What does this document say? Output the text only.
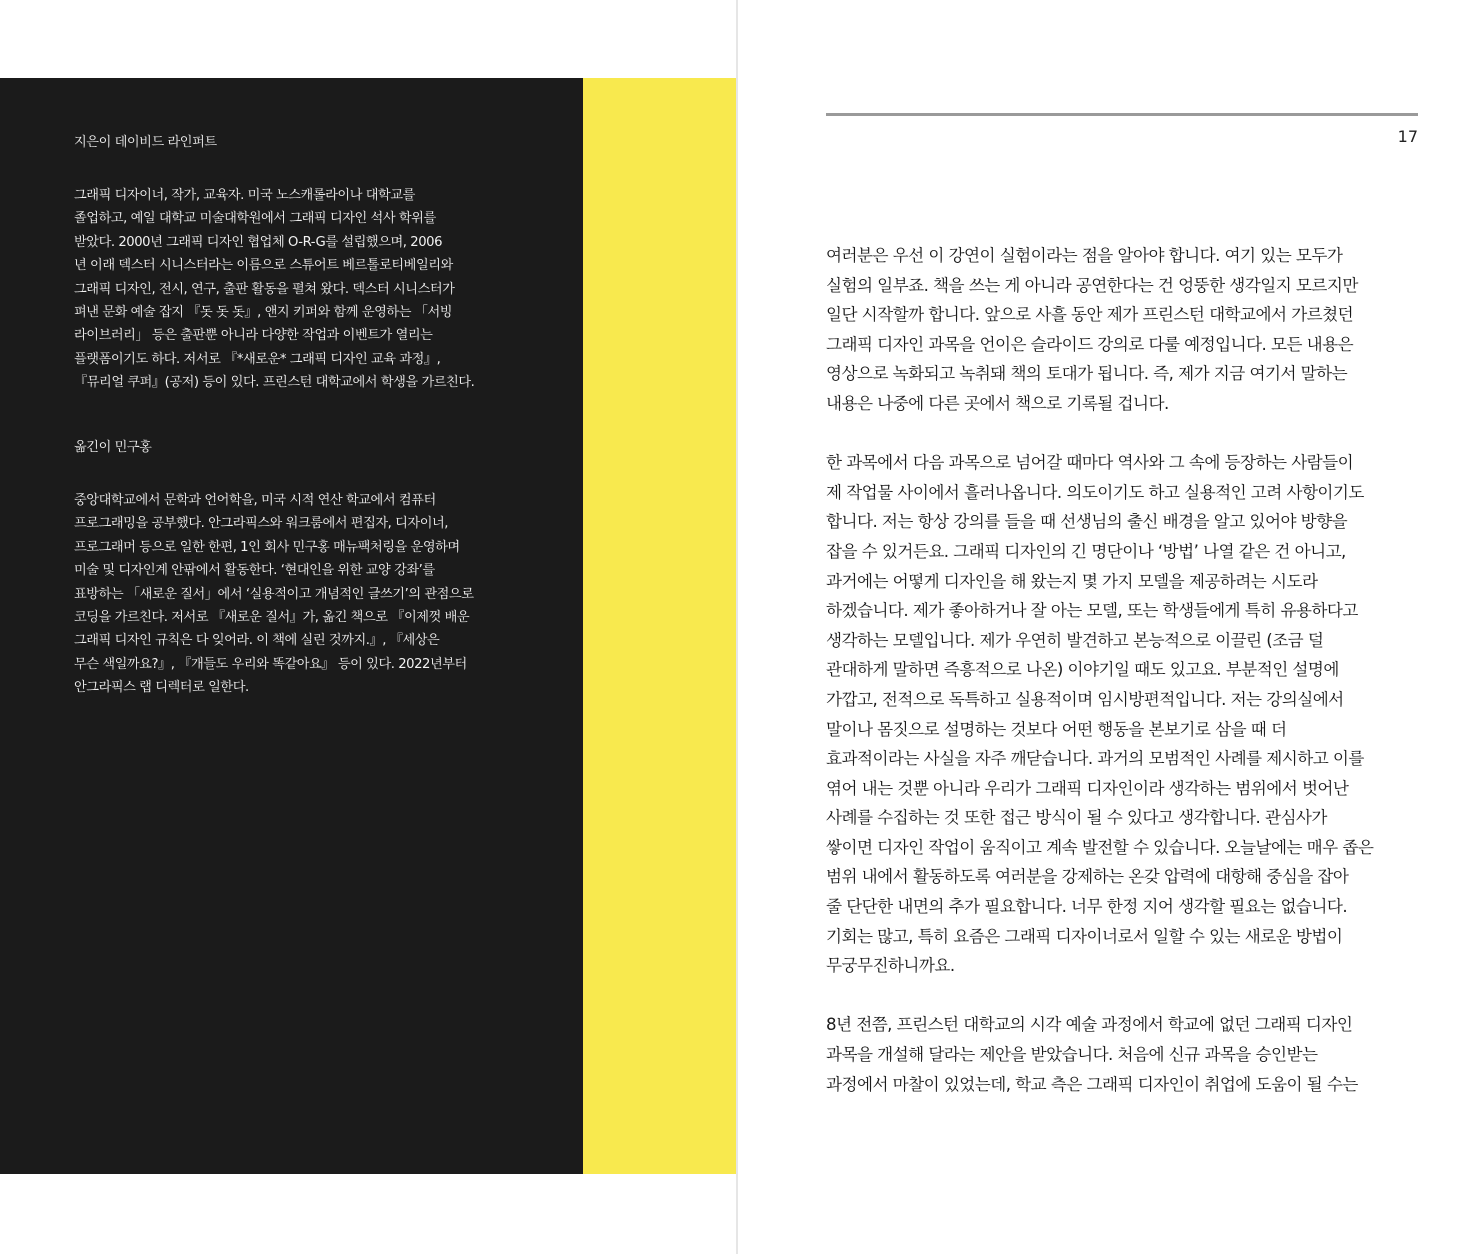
지은이 데이비드 라인퍼트

그래픽 디자이너, 작가, 교육자. 미국 노스캐롤라이나 대학교를
졸업하고, 예일 대학교 미술대학원에서 그래픽 디자인 석사 학위를
받았다. 2000년 그래픽 디자인 협업체 O-R-G를 설립했으며, 2006
년 이래 덱스터 시니스터라는 이름으로 스튜어트 베르톨로티베일리와
그래픽 디자인, 전시, 연구, 출판 활동을 펼쳐 왔다. 덱스터 시니스터가
펴낸 문화 예술 잡지 『돗 돗 돗』, 앤지 키퍼와 함께 운영하는 「서빙
라이브러리」 등은 출판뿐 아니라 다양한 작업과 이벤트가 열리는
플랫폼이기도 하다. 저서로 『*새로운* 그래픽 디자인 교육 과정』,
『뮤리얼 쿠퍼』(공저) 등이 있다. 프린스턴 대학교에서 학생을 가르친다.

옮긴이 민구홍

중앙대학교에서 문학과 언어학을, 미국 시적 연산 학교에서 컴퓨터
프로그래밍을 공부했다. 안그라픽스와 워크룸에서 편집자, 디자이너,
프로그래머 등으로 일한 한편, 1인 회사 민구홍 매뉴팩처링을 운영하며
미술 및 디자인계 안팎에서 활동한다. ‘현대인을 위한 교양 강좌’를
표방하는 「새로운 질서」에서 ‘실용적이고 개념적인 글쓰기’의 관점으로
코딩을 가르친다. 저서로 『새로운 질서』가, 옮긴 책으로 『이제껏 배운
그래픽 디자인 규칙은 다 잊어라. 이 책에 실린 것까지.』, 『세상은
무슨 색일까요?』, 『개들도 우리와 똑같아요』 등이 있다. 2022년부터
안그라픽스 랩 디렉터로 일한다.

17

여러분은 우선 이 강연이 실험이라는 점을 알아야 합니다. 여기 있는 모두가
실험의 일부죠. 책을 쓰는 게 아니라 공연한다는 건 엉뚱한 생각일지 모르지만
일단 시작할까 합니다. 앞으로 사흘 동안 제가 프린스턴 대학교에서 가르쳤던
그래픽 디자인 과목을 언이은 슬라이드 강의로 다룰 예정입니다. 모든 내용은
영상으로 녹화되고 녹취돼 책의 토대가 됩니다. 즉, 제가 지금 여기서 말하는
내용은 나중에 다른 곳에서 책으로 기록될 겁니다.

한 과목에서 다음 과목으로 넘어갈 때마다 역사와 그 속에 등장하는 사람들이
제 작업물 사이에서 흘러나옵니다. 의도이기도 하고 실용적인 고려 사항이기도
합니다. 저는 항상 강의를 들을 때 선생님의 출신 배경을 알고 있어야 방향을
잡을 수 있거든요. 그래픽 디자인의 긴 명단이나 ‘방법’ 나열 같은 건 아니고,
과거에는 어떻게 디자인을 해 왔는지 몇 가지 모델을 제공하려는 시도라
하겠습니다. 제가 좋아하거나 잘 아는 모델, 또는 학생들에게 특히 유용하다고
생각하는 모델입니다. 제가 우연히 발견하고 본능적으로 이끌린 (조금 덜
관대하게 말하면 즉흥적으로 나온) 이야기일 때도 있고요. 부분적인 설명에
가깝고, 전적으로 독특하고 실용적이며 임시방편적입니다. 저는 강의실에서
말이나 몸짓으로 설명하는 것보다 어떤 행동을 본보기로 삼을 때 더
효과적이라는 사실을 자주 깨닫습니다. 과거의 모범적인 사례를 제시하고 이를
엮어 내는 것뿐 아니라 우리가 그래픽 디자인이라 생각하는 범위에서 벗어난
사례를 수집하는 것 또한 접근 방식이 될 수 있다고 생각합니다. 관심사가
쌓이면 디자인 작업이 움직이고 계속 발전할 수 있습니다. 오늘날에는 매우 좁은
범위 내에서 활동하도록 여러분을 강제하는 온갖 압력에 대항해 중심을 잡아
줄 단단한 내면의 추가 필요합니다. 너무 한정 지어 생각할 필요는 없습니다.
기회는 많고, 특히 요즘은 그래픽 디자이너로서 일할 수 있는 새로운 방법이
무궁무진하니까요.

8년 전쯤, 프린스턴 대학교의 시각 예술 과정에서 학교에 없던 그래픽 디자인
과목을 개설해 달라는 제안을 받았습니다. 처음에 신규 과목을 승인받는
과정에서 마찰이 있었는데, 학교 측은 그래픽 디자인이 취업에 도움이 될 수는
